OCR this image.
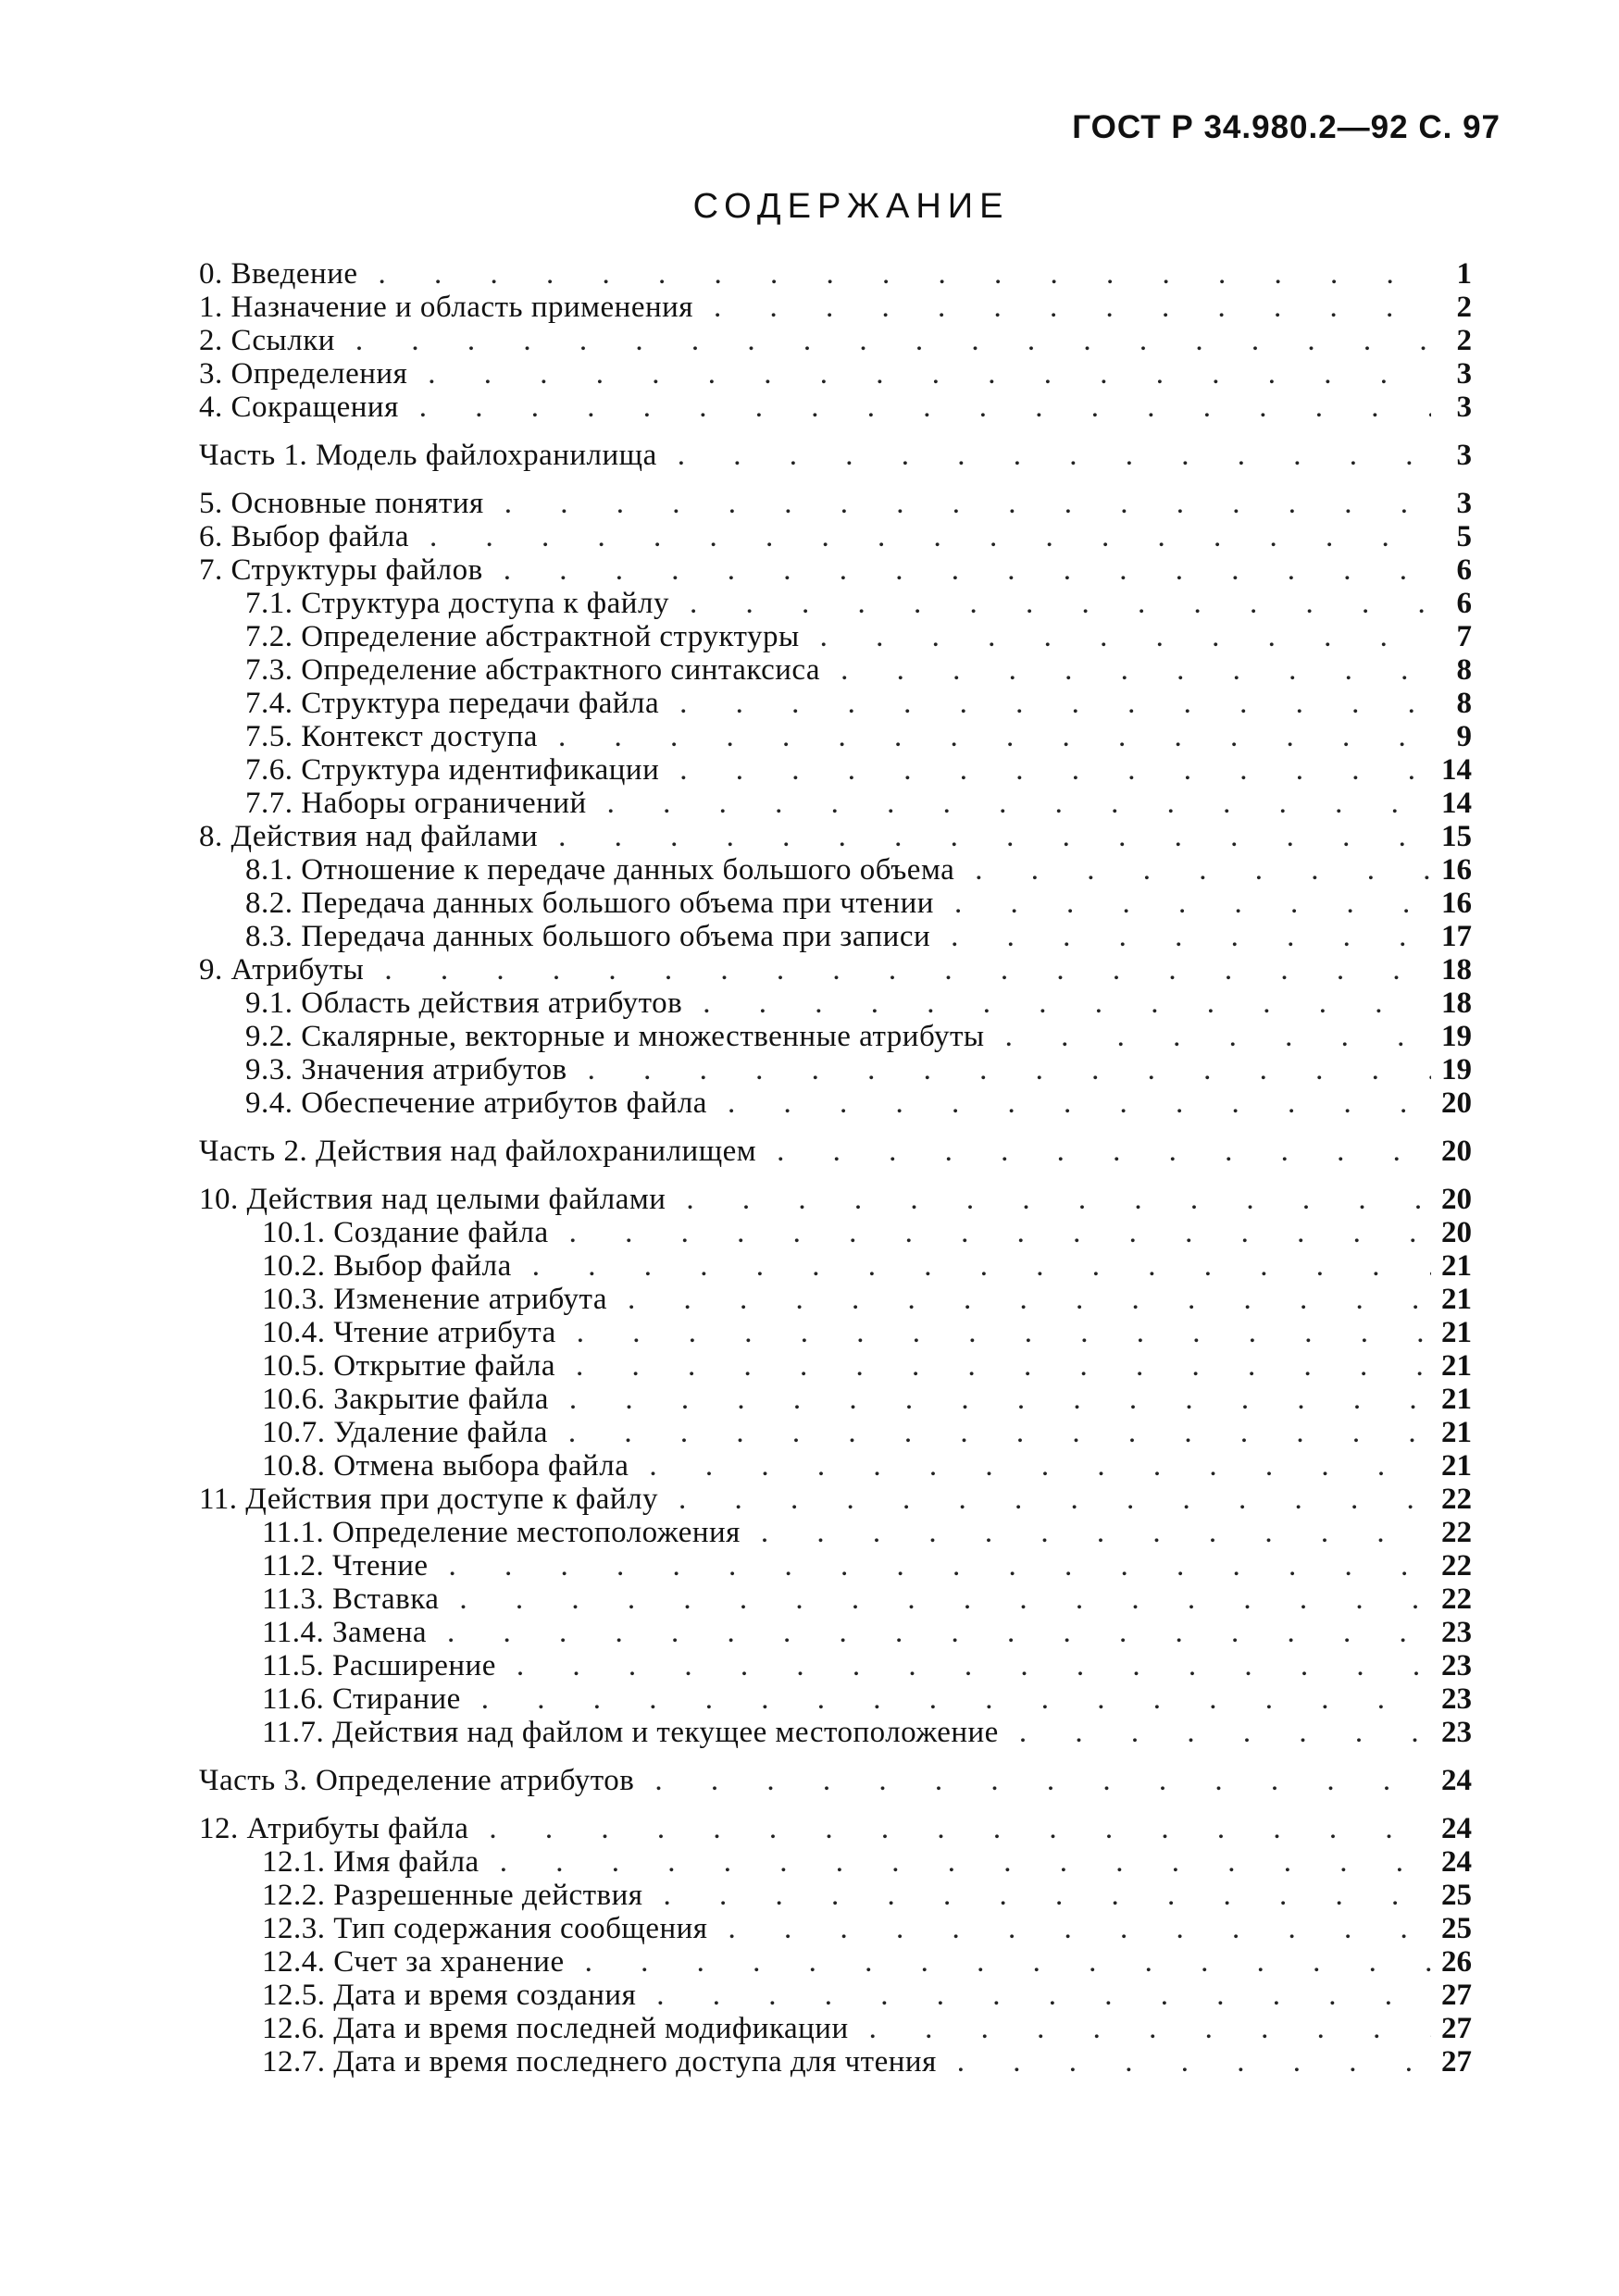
ГОСТ Р 34.980.2—92 С. 97
СОДЕРЖАНИЕ
0. Введение . . .	1
1. Назначение и область применения . . .	2
2. Ссылки . . .	2
3. Определения . . .	3
4. Сокращения . . .	3
Часть 1. Модель файлохранилища . . .	3
5. Основные понятия . . .	3
6. Выбор файла . . .	5
7. Структуры файлов . . .	6
7.1. Структура доступа к файлу . . .	6
7.2. Определение абстрактной структуры . . .	7
7.3. Определение абстрактного синтаксиса . . .	8
7.4. Структура передачи файла . . .	8
7.5. Контекст доступа . . .	9
7.6. Структура идентификации . . .	14
7.7. Наборы ограничений . . .	14
8. Действия над файлами . . .	15
8.1. Отношение к передаче данных большого объема . . .	16
8.2. Передача данных большого объема при чтении . . .	16
8.3. Передача данных большого объема при записи . . .	17
9. Атрибуты . . .	18
9.1. Область действия атрибутов . . .	18
9.2. Скалярные, векторные и множественные атрибуты . . .	19
9.3. Значения атрибутов . . .	19
9.4. Обеспечение атрибутов файла . . .	20
Часть 2. Действия над файлохранилищем . . .	20
10. Действия над целыми файлами . . .	20
10.1. Создание файла . . .	20
10.2. Выбор файла . . .	21
10.3. Изменение атрибута . . .	21
10.4. Чтение атрибута . . .	21
10.5. Открытие файла . . .	21
10.6. Закрытие файла . . .	21
10.7. Удаление файла . . .	21
10.8. Отмена выбора файла . . .	21
11. Действия при доступе к файлу . . .	22
11.1. Определение местоположения . . .	22
11.2. Чтение . . .	22
11.3. Вставка . . .	22
11.4. Замена . . .	23
11.5. Расширение . . .	23
11.6. Стирание . . .	23
11.7. Действия над файлом и текущее местоположение . . .	23
Часть 3. Определение атрибутов . . .	24
12. Атрибуты файла . . .	24
12.1. Имя файла . . .	24
12.2. Разрешенные действия . . .	25
12.3. Тип содержания сообщения . . .	25
12.4. Счет за хранение . . .	26
12.5. Дата и время создания . . .	27
12.6. Дата и время последней модификации . . .	27
12.7. Дата и время последнего доступа для чтения . . .	27
